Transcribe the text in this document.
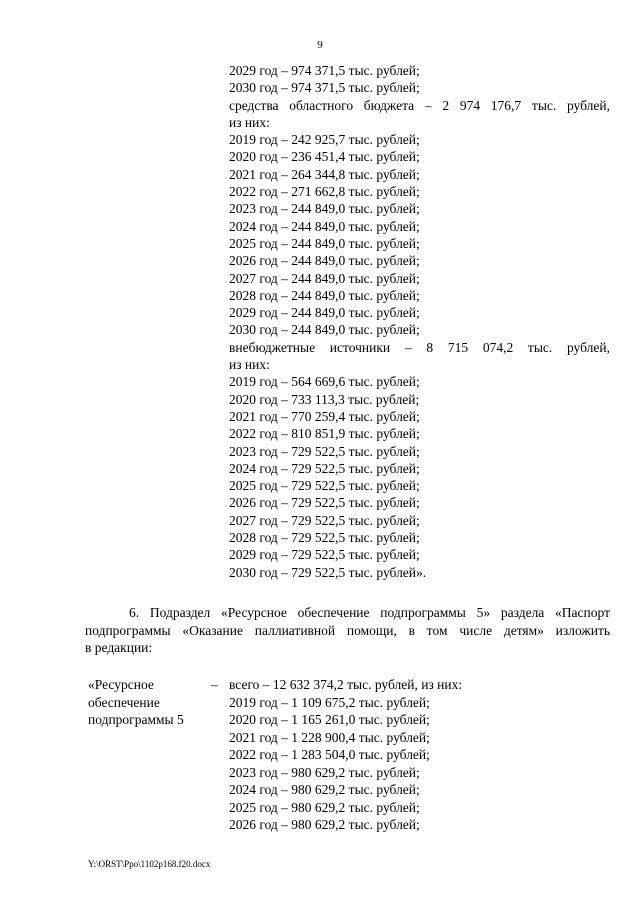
9
2029 год – 974 371,5 тыс. рублей;
2030 год – 974 371,5 тыс. рублей;
средства областного бюджета – 2 974 176,7 тыс. рублей,
из них:
2019 год – 242 925,7 тыс. рублей;
2020 год – 236 451,4 тыс. рублей;
2021 год – 264 344,8 тыс. рублей;
2022 год – 271 662,8 тыс. рублей;
2023 год – 244 849,0 тыс. рублей;
2024 год – 244 849,0 тыс. рублей;
2025 год – 244 849,0 тыс. рублей;
2026 год – 244 849,0 тыс. рублей;
2027 год – 244 849,0 тыс. рублей;
2028 год – 244 849,0 тыс. рублей;
2029 год – 244 849,0 тыс. рублей;
2030 год – 244 849,0 тыс. рублей;
внебюджетные источники – 8 715 074,2 тыс. рублей,
из них:
2019 год – 564 669,6 тыс. рублей;
2020 год – 733 113,3 тыс. рублей;
2021 год – 770 259,4 тыс. рублей;
2022 год – 810 851,9 тыс. рублей;
2023 год – 729 522,5 тыс. рублей;
2024 год – 729 522,5 тыс. рублей;
2025 год – 729 522,5 тыс. рублей;
2026 год – 729 522,5 тыс. рублей;
2027 год – 729 522,5 тыс. рублей;
2028 год – 729 522,5 тыс. рублей;
2029 год – 729 522,5 тыс. рублей;
2030 год – 729 522,5 тыс. рублей».
6. Подраздел «Ресурсное обеспечение подпрограммы 5» раздела «Паспорт
подпрограммы «Оказание паллиативной помощи, в том числе детям» изложить
в редакции:
«Ресурсное
обеспечение
подпрограммы 5
– всего – 12 632 374,2 тыс. рублей, из них:
2019 год – 1 109 675,2 тыс. рублей;
2020 год – 1 165 261,0 тыс. рублей;
2021 год – 1 228 900,4 тыс. рублей;
2022 год – 1 283 504,0 тыс. рублей;
2023 год – 980 629,2 тыс. рублей;
2024 год – 980 629,2 тыс. рублей;
2025 год – 980 629,2 тыс. рублей;
2026 год – 980 629,2 тыс. рублей;
Y:\ORST\Ppo\1102p168.f20.docx
